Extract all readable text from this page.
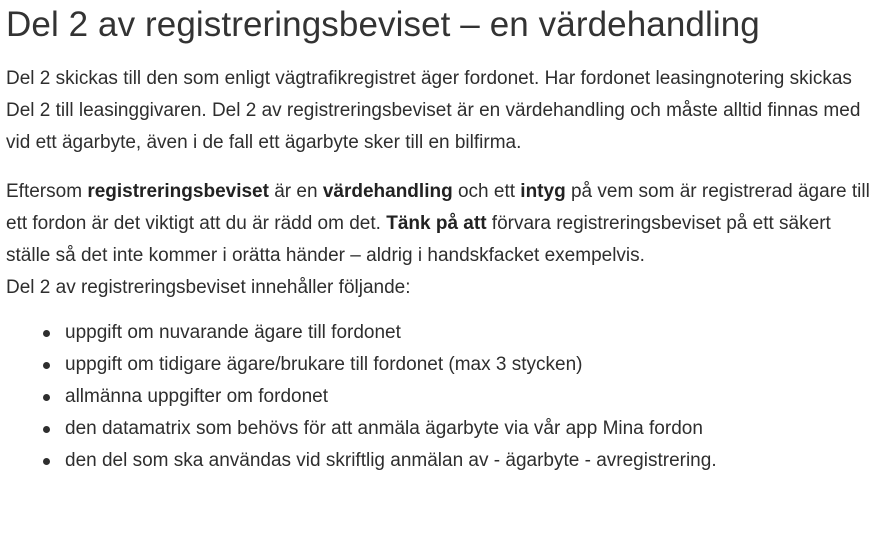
Del 2 av registreringsbeviset – en värdehandling

Del 2 skickas till den som enligt vägtrafikregistret äger fordonet. Har fordonet leasingnotering skickas Del 2 till leasinggivaren. Del 2 av registreringsbeviset är en värdehandling och måste alltid finnas med vid ett ägarbyte, även i de fall ett ägarbyte sker till en bilfirma.

Eftersom registreringsbeviset är en värdehandling och ett intyg på vem som är registrerad ägare till ett fordon är det viktigt att du är rädd om det. Tänk på att förvara registreringsbeviset på ett säkert ställe så det inte kommer i orätta händer – aldrig i handskfacket exempelvis.

Del 2 av registreringsbeviset innehåller följande:

uppgift om nuvarande ägare till fordonet
uppgift om tidigare ägare/brukare till fordonet (max 3 stycken)
allmänna uppgifter om fordonet
den datamatrix som behövs för att anmäla ägarbyte via vår app Mina fordon
den del som ska användas vid skriftlig anmälan av - ägarbyte - avregistrering.
